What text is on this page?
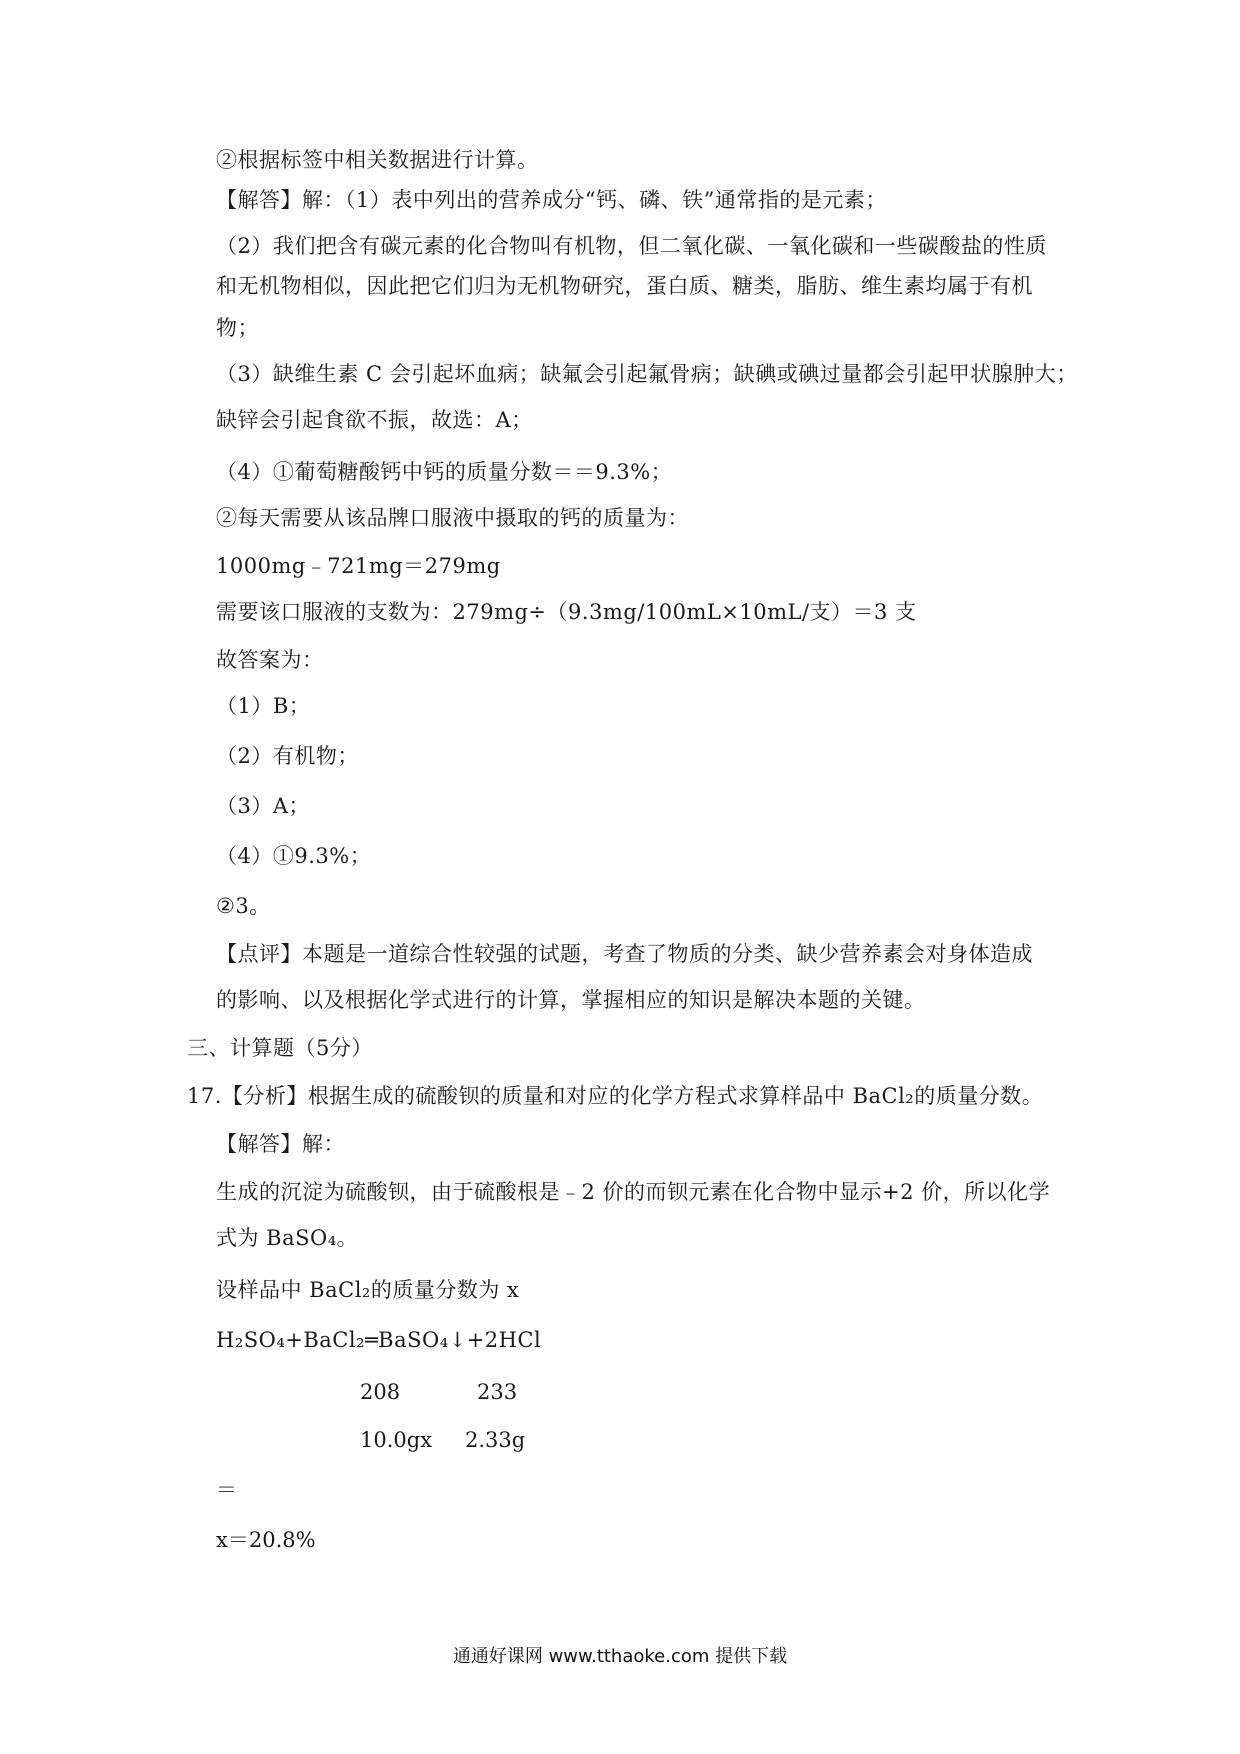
②根据标签中相关数据进行计算。
【解答】解：（1）表中列出的营养成分“钙、磷、铁”通常指的是元素；
（2）我们把含有碳元素的化合物叫有机物，但二氧化碳、一氧化碳和一些碳酸盐的性质
和无机物相似，因此把它们归为无机物研究，蛋白质、糖类，脂肪、维生素均属于有机
物；
（3）缺维生素 C 会引起坏血病；缺氟会引起氟骨病；缺碘或碘过量都会引起甲状腺肿大；
缺锌会引起食欲不振，故选：A；
（4）①葡萄糖酸钙中钙的质量分数＝＝9.3%；
②每天需要从该品牌口服液中摄取的钙的质量为：
1000mg﹣721mg＝279mg
需要该口服液的支数为：279mg÷（9.3mg/100mL×10mL/支）＝3 支
故答案为：
（1）B；
（2）有机物；
（3）A；
（4）①9.3%；
②3。
【点评】本题是一道综合性较强的试题，考查了物质的分类、缺少营养素会对身体造成
的影响、以及根据化学式进行的计算，掌握相应的知识是解决本题的关键。
三、计算题（5分）
17.【分析】根据生成的硫酸钡的质量和对应的化学方程式求算样品中 BaCl₂的质量分数。
【解答】解：
生成的沉淀为硫酸钡，由于硫酸根是﹣2 价的而钡元素在化合物中显示+2 价，所以化学
式为 BaSO₄。
设样品中 BaCl₂的质量分数为 x
H₂SO₄+BaCl₂═BaSO₄↓+2HCl
208	233
10.0gx 2.33g
＝
x＝20.8%
通通好课网 www.tthaoke.com 提供下载
